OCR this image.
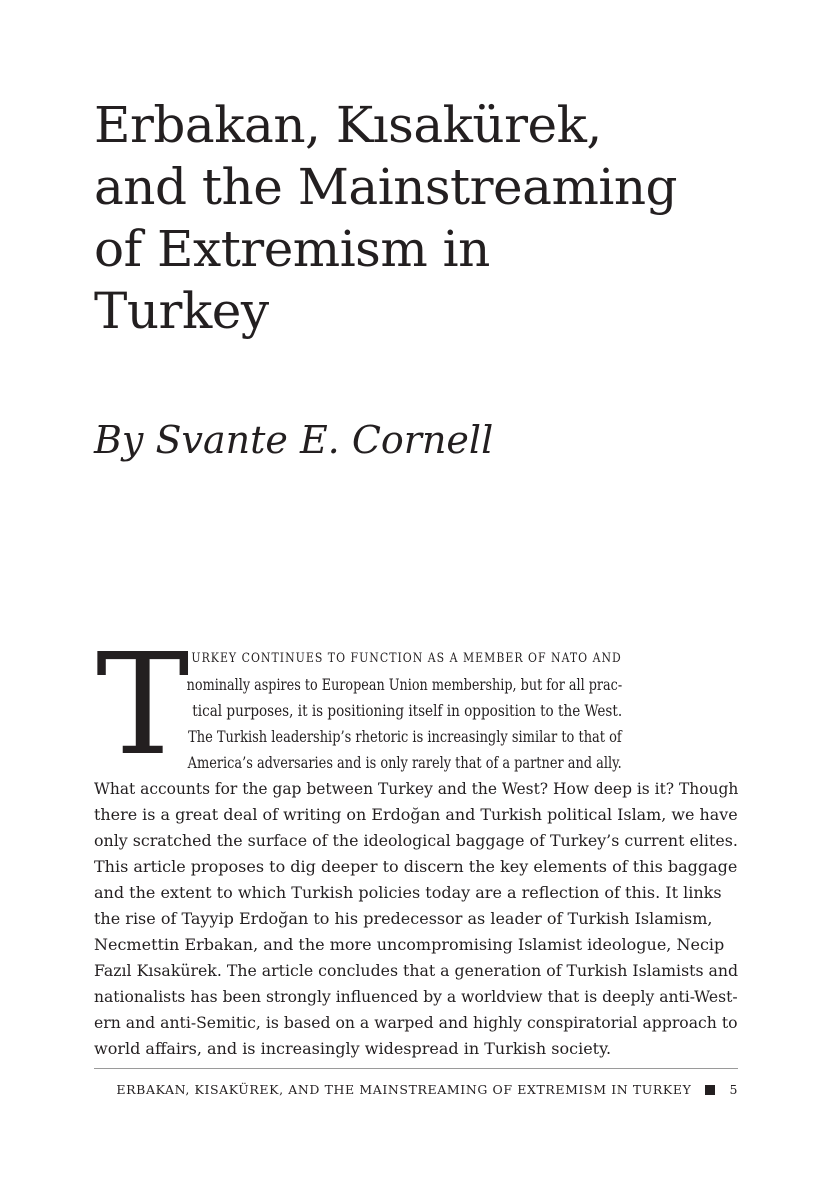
Erbakan, Kısakürek,
and the Mainstreaming
of Extremism in
Turkey

By Svante E. Cornell

T URKEY CONTINUES TO FUNCTION AS A MEMBER OF NATO AND
nominally aspires to European Union membership, but for all prac-
tical purposes, it is positioning itself in opposition to the West.
The Turkish leadership’s rhetoric is increasingly similar to that of
America’s adversaries and is only rarely that of a partner and ally.
What accounts for the gap between Turkey and the West? How deep is it? Though
there is a great deal of writing on Erdoğan and Turkish political Islam, we have
only scratched the surface of the ideological baggage of Turkey’s current elites.
This article proposes to dig deeper to discern the key elements of this baggage
and the extent to which Turkish policies today are a reflection of this. It links
the rise of Tayyip Erdoğan to his predecessor as leader of Turkish Islamism,
Necmettin Erbakan, and the more uncompromising Islamist ideologue, Necip
Fazıl Kısakürek. The article concludes that a generation of Turkish Islamists and
nationalists has been strongly influenced by a worldview that is deeply anti-West-
ern and anti-Semitic, is based on a warped and highly conspiratorial approach to
world affairs, and is increasingly widespread in Turkish society.

ERBAKAN, KISAKÜREK, AND THE MAINSTREAMING OF EXTREMISM IN TURKEY	5
